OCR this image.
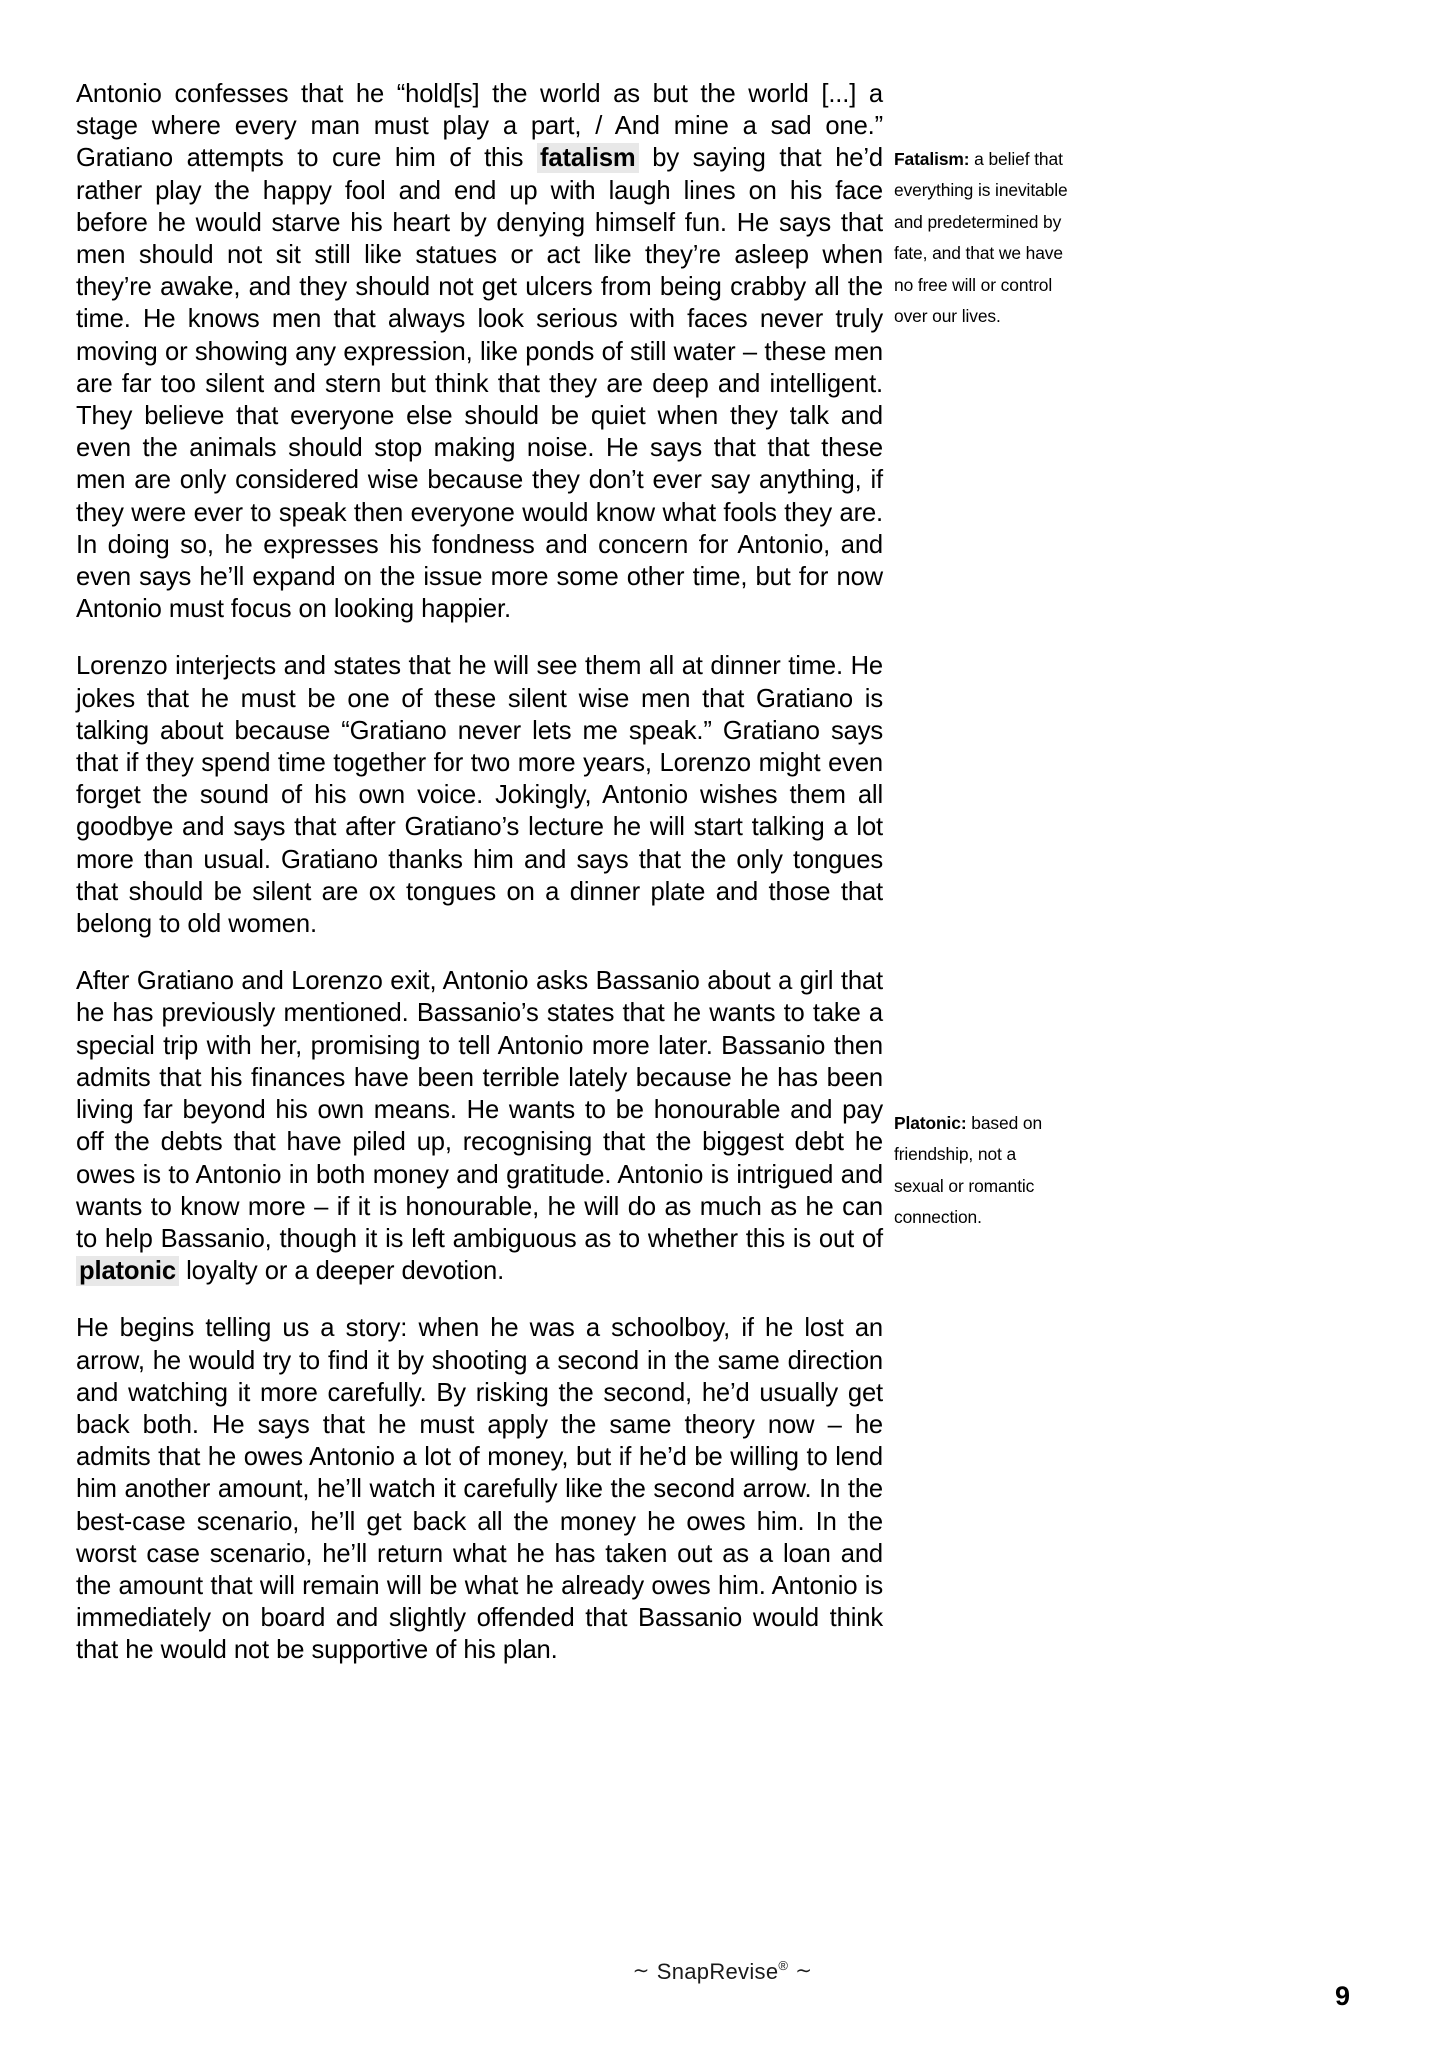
Antonio confesses that he “hold[s] the world as but the world [...] a stage where every man must play a part, / And mine a sad one.” Gratiano attempts to cure him of this fatalism by saying that he’d rather play the happy fool and end up with laugh lines on his face before he would starve his heart by denying himself fun. He says that men should not sit still like statues or act like they’re asleep when they’re awake, and they should not get ulcers from being crabby all the time. He knows men that always look serious with faces never truly moving or showing any expression, like ponds of still water – these men are far too silent and stern but think that they are deep and intelligent. They believe that everyone else should be quiet when they talk and even the animals should stop making noise. He says that that these men are only considered wise because they don’t ever say anything, if they were ever to speak then everyone would know what fools they are. In doing so, he expresses his fondness and concern for Antonio, and even says he’ll expand on the issue more some other time, but for now Antonio must focus on looking happier.

Lorenzo interjects and states that he will see them all at dinner time. He jokes that he must be one of these silent wise men that Gratiano is talking about because “Gratiano never lets me speak.” Gratiano says that if they spend time together for two more years, Lorenzo might even forget the sound of his own voice. Jokingly, Antonio wishes them all goodbye and says that after Gratiano’s lecture he will start talking a lot more than usual. Gratiano thanks him and says that the only tongues that should be silent are ox tongues on a dinner plate and those that belong to old women.

After Gratiano and Lorenzo exit, Antonio asks Bassanio about a girl that he has previously mentioned. Bassanio’s states that he wants to take a special trip with her, promising to tell Antonio more later. Bassanio then admits that his finances have been terrible lately because he has been living far beyond his own means. He wants to be honourable and pay off the debts that have piled up, recognising that the biggest debt he owes is to Antonio in both money and gratitude. Antonio is intrigued and wants to know more – if it is honourable, he will do as much as he can to help Bassanio, though it is left ambiguous as to whether this is out of platonic loyalty or a deeper devotion.

He begins telling us a story: when he was a schoolboy, if he lost an arrow, he would try to find it by shooting a second in the same direction and watching it more carefully. By risking the second, he’d usually get back both. He says that he must apply the same theory now – he admits that he owes Antonio a lot of money, but if he’d be willing to lend him another amount, he’ll watch it carefully like the second arrow. In the best-case scenario, he’ll get back all the money he owes him. In the worst case scenario, he’ll return what he has taken out as a loan and the amount that will remain will be what he already owes him. Antonio is immediately on board and slightly offended that Bassanio would think that he would not be supportive of his plan.

Fatalism: a belief that everything is inevitable and predetermined by fate, and that we have no free will or control over our lives.
Platonic: based on friendship, not a sexual or romantic connection.
∼ SnapRevise® ∼
9
